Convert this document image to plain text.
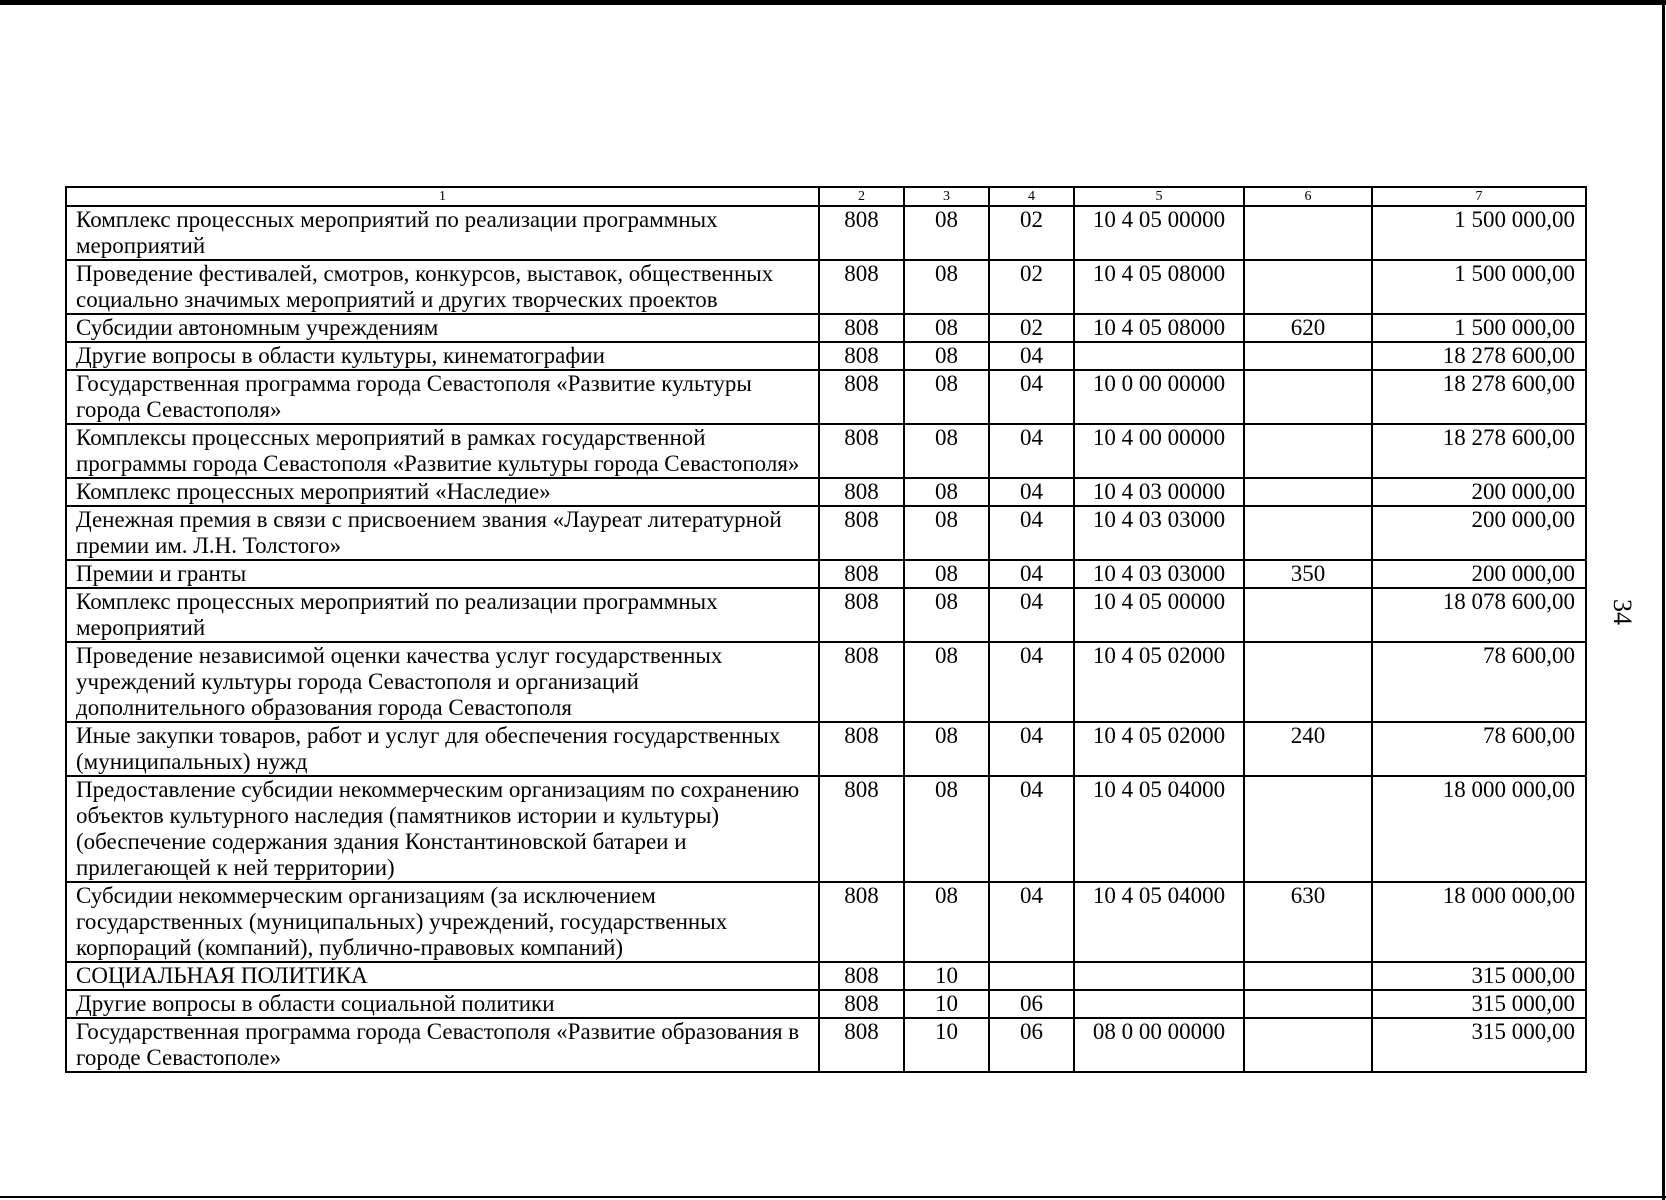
34
1	2	3	4	5	6	7
Комплекс процессных мероприятий по реализации программных мероприятий	808	08	02	10 4 05 00000		1 500 000,00
Проведение фестивалей, смотров, конкурсов, выставок, общественных социально значимых мероприятий и других творческих проектов	808	08	02	10 4 05 08000		1 500 000,00
Субсидии автономным учреждениям	808	08	02	10 4 05 08000	620	1 500 000,00
Другие вопросы в области культуры, кинематографии	808	08	04			18 278 600,00
Государственная программа города Севастополя «Развитие культуры города Севастополя»	808	08	04	10 0 00 00000		18 278 600,00
Комплексы процессных мероприятий в рамках государственной программы города Севастополя «Развитие культуры города Севастополя»	808	08	04	10 4 00 00000		18 278 600,00
Комплекс процессных мероприятий «Наследие»	808	08	04	10 4 03 00000		200 000,00
Денежная премия в связи с присвоением звания «Лауреат литературной премии им. Л.Н. Толстого»	808	08	04	10 4 03 03000		200 000,00
Премии и гранты	808	08	04	10 4 03 03000	350	200 000,00
Комплекс процессных мероприятий по реализации программных мероприятий	808	08	04	10 4 05 00000		18 078 600,00
Проведение независимой оценки качества услуг государственных учреждений культуры города Севастополя и организаций дополнительного образования города Севастополя	808	08	04	10 4 05 02000		78 600,00
Иные закупки товаров, работ и услуг для обеспечения государственных (муниципальных) нужд	808	08	04	10 4 05 02000	240	78 600,00
Предоставление субсидии некоммерческим организациям по сохранению объектов культурного наследия (памятников истории и культуры) (обеспечение содержания здания Константиновской батареи и прилегающей к ней территории)	808	08	04	10 4 05 04000		18 000 000,00
Субсидии некоммерческим организациям (за исключением государственных (муниципальных) учреждений, государственных корпораций (компаний), публично-правовых компаний)	808	08	04	10 4 05 04000	630	18 000 000,00
СОЦИАЛЬНАЯ ПОЛИТИКА	808	10				315 000,00
Другие вопросы в области социальной политики	808	10	06			315 000,00
Государственная программа города Севастополя «Развитие образования в городе Севастополе»	808	10	06	08 0 00 00000		315 000,00
